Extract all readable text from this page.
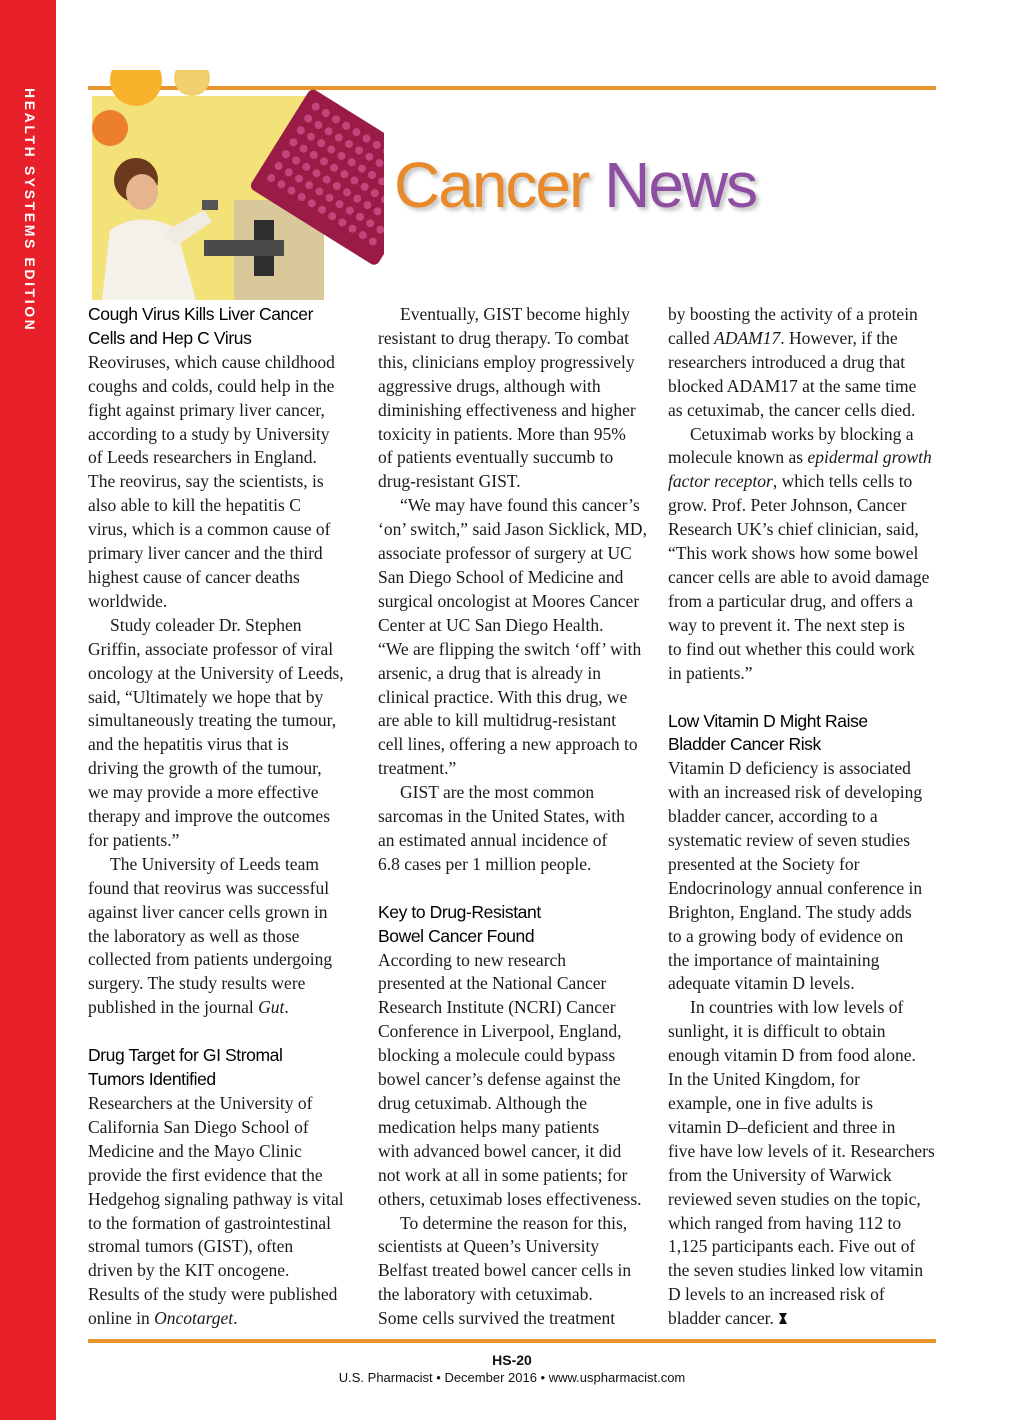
HEALTH SYSTEMS EDITION	Cancer News
Cough Virus Kills Liver Cancer
Cells and Hep C Virus
Reoviruses, which cause childhood
coughs and colds, could help in the
fight against primary liver cancer,
according to a study by University
of Leeds researchers in England.
The reovirus, say the scientists, is
also able to kill the hepatitis C
virus, which is a common cause of
primary liver cancer and the third
highest cause of cancer deaths
worldwide.
Study coleader Dr. Stephen
Griffin, associate professor of viral
oncology at the University of Leeds,
said, “Ultimately we hope that by
simultaneously treating the tumour,
and the hepatitis virus that is
driving the growth of the tumour,
we may provide a more effective
therapy and improve the outcomes
for patients.”
The University of Leeds team
found that reovirus was successful
against liver cancer cells grown in
the laboratory as well as those
collected from patients undergoing
surgery. The study results were
published in the journal Gut.
Drug Target for GI Stromal
Tumors Identified
Researchers at the University of
California San Diego School of
Medicine and the Mayo Clinic
provide the first evidence that the
Hedgehog signaling pathway is vital
to the formation of gastrointestinal
stromal tumors (GIST), often
driven by the KIT oncogene.
Results of the study were published
online in Oncotarget.
Eventually, GIST become highly
resistant to drug therapy. To combat
this, clinicians employ progressively
aggressive drugs, although with
diminishing effectiveness and higher
toxicity in patients. More than 95%
of patients eventually succumb to
drug-resistant GIST.
“We may have found this cancer’s
‘on’ switch,” said Jason Sicklick, MD,
associate professor of surgery at UC
San Diego School of Medicine and
surgical oncologist at Moores Cancer
Center at UC San Diego Health.
“We are flipping the switch ‘off’ with
arsenic, a drug that is already in
clinical practice. With this drug, we
are able to kill multidrug-resistant
cell lines, offering a new approach to
treatment.”
GIST are the most common
sarcomas in the United States, with
an estimated annual incidence of
6.8 cases per 1 million people.
Key to Drug-Resistant
Bowel Cancer Found
According to new research
presented at the National Cancer
Research Institute (NCRI) Cancer
Conference in Liverpool, England,
blocking a molecule could bypass
bowel cancer’s defense against the
drug cetuximab. Although the
medication helps many patients
with advanced bowel cancer, it did
not work at all in some patients; for
others, cetuximab loses effectiveness.
To determine the reason for this,
scientists at Queen’s University
Belfast treated bowel cancer cells in
the laboratory with cetuximab.
Some cells survived the treatment
by boosting the activity of a protein
called ADAM17. However, if the
researchers introduced a drug that
blocked ADAM17 at the same time
as cetuximab, the cancer cells died.
Cetuximab works by blocking a
molecule known as epidermal growth
factor receptor, which tells cells to
grow. Prof. Peter Johnson, Cancer
Research UK’s chief clinician, said,
“This work shows how some bowel
cancer cells are able to avoid damage
from a particular drug, and offers a
way to prevent it. The next step is
to find out whether this could work
in patients.”
Low Vitamin D Might Raise
Bladder Cancer Risk
Vitamin D deficiency is associated
with an increased risk of developing
bladder cancer, according to a
systematic review of seven studies
presented at the Society for
Endocrinology annual conference in
Brighton, England. The study adds
to a growing body of evidence on
the importance of maintaining
adequate vitamin D levels.
In countries with low levels of
sunlight, it is difficult to obtain
enough vitamin D from food alone.
In the United Kingdom, for
example, one in five adults is
vitamin D–deficient and three in
five have low levels of it. Researchers
from the University of Warwick
reviewed seven studies on the topic,
which ranged from having 112 to
1,125 participants each. Five out of
the seven studies linked low vitamin
D levels to an increased risk of
bladder cancer.
HS-20
U.S. Pharmacist • December 2016 • www.uspharmacist.com
